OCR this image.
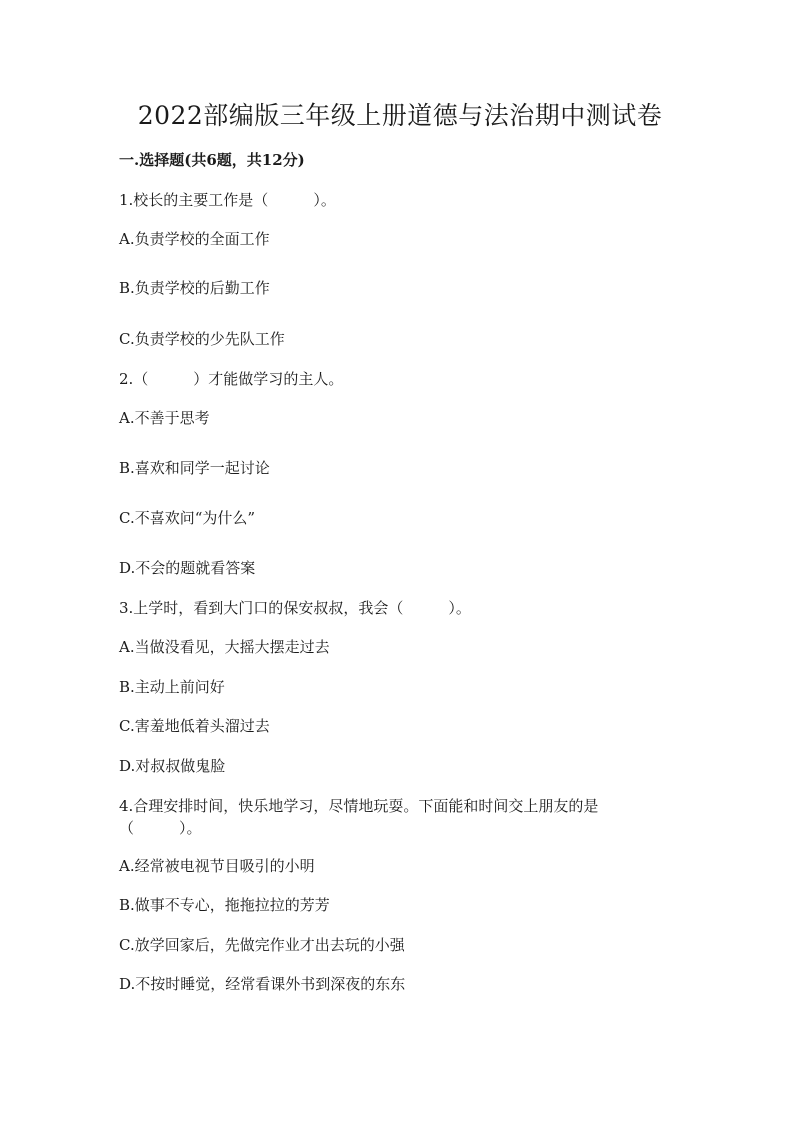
2022部编版三年级上册道德与法治期中测试卷
一.选择题(共6题，共12分)
1.校长的主要工作是（　　　）。
A.负责学校的全面工作
B.负责学校的后勤工作
C.负责学校的少先队工作
2.（　　　）才能做学习的主人。
A.不善于思考
B.喜欢和同学一起讨论
C.不喜欢问“为什么”
D.不会的题就看答案
3.上学时，看到大门口的保安叔叔，我会（　　　）。
A.当做没看见，大摇大摆走过去
B.主动上前问好
C.害羞地低着头溜过去
D.对叔叔做鬼脸
4.合理安排时间，快乐地学习，尽情地玩耍。下面能和时间交上朋友的是（　　　）。
A.经常被电视节目吸引的小明
B.做事不专心，拖拖拉拉的芳芳
C.放学回家后，先做完作业才出去玩的小强
D.不按时睡觉，经常看课外书到深夜的东东
